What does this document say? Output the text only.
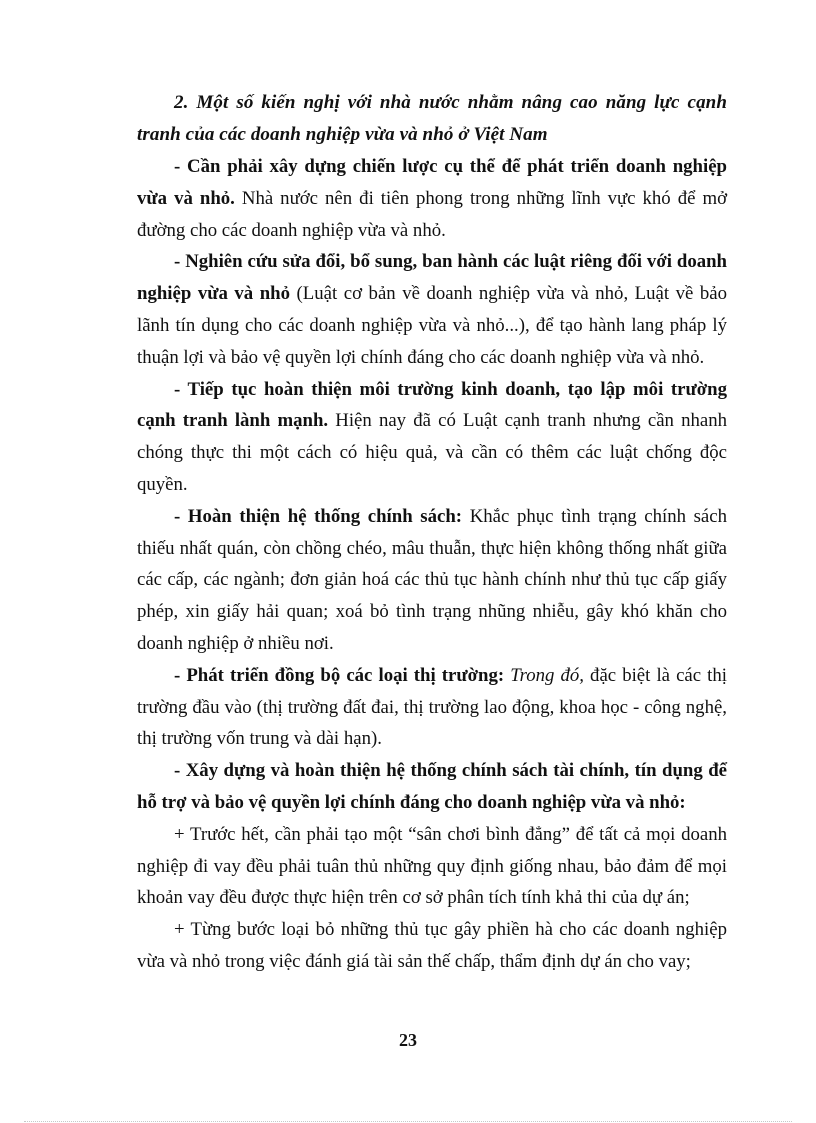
2. Một số kiến nghị với nhà nước nhằm nâng cao năng lực cạnh tranh của các doanh nghiệp vừa và nhỏ ở Việt Nam

- Cần phải xây dựng chiến lược cụ thể để phát triển doanh nghiệp vừa và nhỏ. Nhà nước nên đi tiên phong trong những lĩnh vực khó để mở đường cho các doanh nghiệp vừa và nhỏ.

- Nghiên cứu sửa đổi, bổ sung, ban hành các luật riêng đối với doanh nghiệp vừa và nhỏ (Luật cơ bản về doanh nghiệp vừa và nhỏ, Luật về bảo lãnh tín dụng cho các doanh nghiệp vừa và nhỏ...), để tạo hành lang pháp lý thuận lợi và bảo vệ quyền lợi chính đáng cho các doanh nghiệp vừa và nhỏ.

- Tiếp tục hoàn thiện môi trường kinh doanh, tạo lập môi trường cạnh tranh lành mạnh. Hiện nay đã có Luật cạnh tranh nhưng cần nhanh chóng thực thi một cách có hiệu quả, và cần có thêm các luật chống độc quyền.

- Hoàn thiện hệ thống chính sách: Khắc phục tình trạng chính sách thiếu nhất quán, còn chồng chéo, mâu thuẫn, thực hiện không thống nhất giữa các cấp, các ngành; đơn giản hoá các thủ tục hành chính như thủ tục cấp giấy phép, xin giấy hải quan; xoá bỏ tình trạng nhũng nhiễu, gây khó khăn cho doanh nghiệp ở nhiều nơi.

- Phát triển đồng bộ các loại thị trường: Trong đó, đặc biệt là các thị trường đầu vào (thị trường đất đai, thị trường lao động, khoa học - công nghệ, thị trường vốn trung và dài hạn).

- Xây dựng và hoàn thiện hệ thống chính sách tài chính, tín dụng để hỗ trợ và bảo vệ quyền lợi chính đáng cho doanh nghiệp vừa và nhỏ:

+ Trước hết, cần phải tạo một “sân chơi bình đẳng” để tất cả mọi doanh nghiệp đi vay đều phải tuân thủ những quy định giống nhau, bảo đảm để mọi khoản vay đều được thực hiện trên cơ sở phân tích tính khả thi của dự án;

+ Từng bước loại bỏ những thủ tục gây phiền hà cho các doanh nghiệp vừa và nhỏ trong việc đánh giá tài sản thế chấp, thẩm định dự án cho vay;

23
